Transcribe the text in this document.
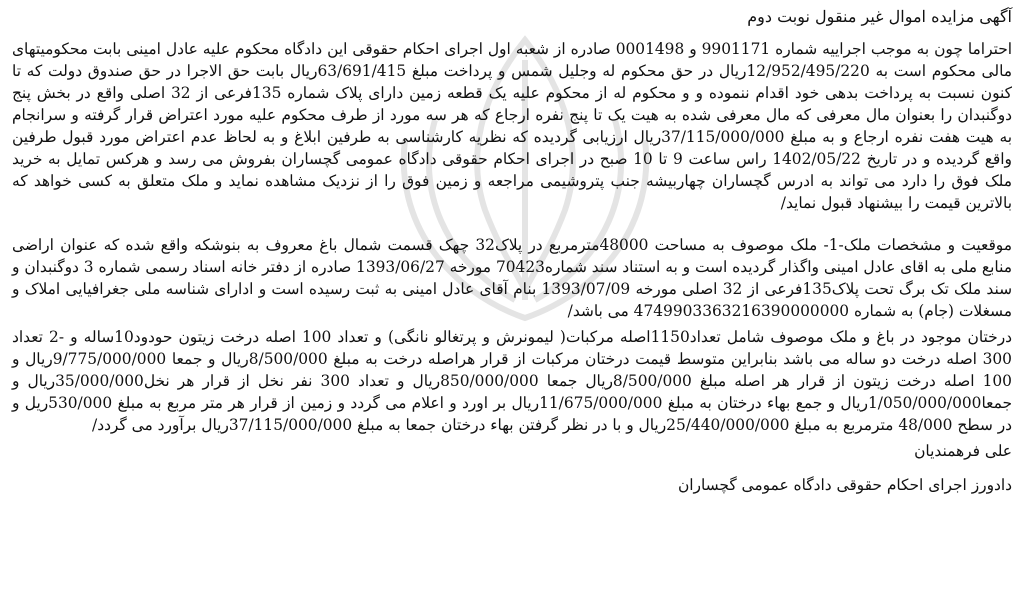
آگهی مزایده اموال غیر منقول نوبت دوم

احتراما چون به موجب اجراییه شماره 9901171 و 0001498 صادره از شعبه اول اجرای احکام حقوقی این دادگاه محکوم علیه عادل امینی بابت محکومیتهای مالی محکوم است به 12/952/495/220ریال در حق محکوم له وجلیل شمس و پرداخت مبلغ 63/691/415ریال بابت حق الاجرا در حق صندوق دولت که تا کنون نسبت به پرداخت بدهی خود اقدام ننموده و و محکوم له از محکوم علیه یک قطعه زمین دارای پلاک شماره 135فرعی از 32 اصلی واقع در بخش پنج دوگنبدان را بعنوان مال معرفی که مال معرفی شده به هیت یک تا پنج نفره ارجاع که هر سه مورد از طرف محکوم علیه مورد اعتراض قرار گرفته و سرانجام به هیت هفت نفره ارجاع و به مبلغ 37/115/000/000ریال ارزیابی گردیده که نظریه کارشناسی به طرفین ابلاغ و به لحاظ عدم اعتراض مورد قبول طرفین واقع گردیده و در تاریخ 1402/05/22 راس ساعت 9 تا 10 صبح در اجرای احکام حقوقی دادگاه عمومی گچساران بفروش می رسد و هرکس تمایل به خرید ملک فوق را دارد می تواند به ادرس گچساران چهاربیشه جنب پتروشیمی مراجعه و زمین فوق را از نزدیک مشاهده نماید و ملک متعلق به کسی خواهد که بالاترین قیمت را بیشنهاد قبول نماید/

موقعیت و مشخصات ملک-1- ملک موصوف به مساحت 48000مترمربع در پلاک32 چهک قسمت شمال باغ معروف به بنوشکه واقع شده که عنوان اراضی منابع ملی به اقای عادل امینی واگذار گردیده است و به استناد سند شماره70423 مورخه 1393/06/27 صادره از دفتر خانه اسناد رسمی شماره 3 دوگنبدان و سند ملک تک برگ تحت پلاک135فرعی از 32 اصلی مورخه 1393/07/09 بنام آقای عادل امینی به ثبت رسیده است و ادارای شناسه ملی جغرافیایی املاک و مسغلات (جام) به شماره 4749903363216390000000 می باشد/

درختان موجود در باغ و ملک موصوف شامل تعداد1150اصله مرکبات( لیمونرش و پرتغالو نانگی) و تعداد 100 اصله درخت زیتون حودود10ساله و -2 تعداد 300 اصله درخت دو ساله می باشد بنابراین متوسط قیمت درختان مرکبات از قرار هراصله درخت به مبلغ 8/500/000ریال و جمعا 9/775/000/000ریال و 100 اصله درخت زیتون از قرار هر اصله مبلغ 8/500/000ریال جمعا 850/000/000ریال و تعداد 300 نفر نخل از قرار هر نخل35/000/000ریال و جمعا1/050/000/000ریال و جمع بهاء درختان به مبلغ 11/675/000/000ریال بر اورد و اعلام می گردد و زمین از قرار هر متر مربع به مبلغ 530/000ریل و در سطح 48/000 مترمربع به مبلغ 25/440/000/000ریال و با در نظر گرفتن بهاء درختان جمعا به مبلغ 37/115/000/000ریال برآورد می گردد/

علی فرهمندیان

دادورز اجرای احکام حقوقی دادگاه عمومی گچساران
